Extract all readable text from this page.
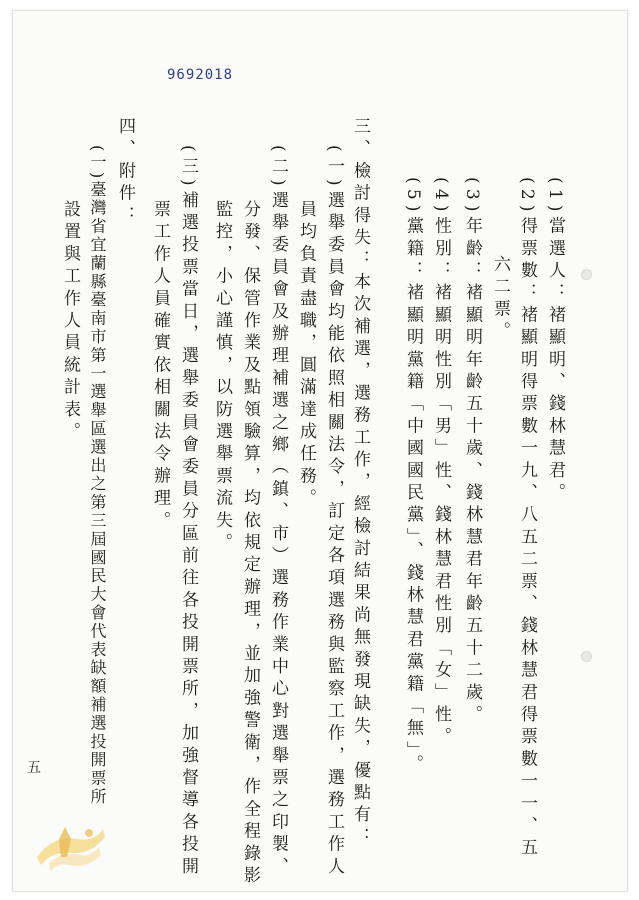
9692018
(1)當選人：褚顯明、錢林慧君。
(2)得票數：褚顯明得票數一九、八五二票、錢林慧君得票數一一、五
六二票。
(3)年齡：褚顯明年齡五十歲、錢林慧君年齡五十二歲。
(4)性別：褚顯明性別「男」性、錢林慧君性別「女」性。
(5)黨籍：褚顯明黨籍「中國國民黨」、錢林慧君黨籍「無」。
三、檢討得失：本次補選，選務工作，經檢討結果尚無發現缺失，優點有：
(一)選舉委員會均能依照相關法令，訂定各項選務與監察工作，選務工作人
員均負責盡職，圓滿達成任務。
(二)選舉委員會及辦理補選之鄉（鎮、市）選務作業中心對選舉票之印製、
分發、保管作業及點領驗算，均依規定辦理，並加強警衛，作全程錄影
監控，小心謹慎，以防選舉票流失。
(三)補選投票當日，選舉委員會委員分區前往各投開票所，加強督導各投開
票工作人員確實依相關法令辦理。
四、附件：
(一)臺灣省宜蘭縣臺南市第一選舉區選出之第三屆國民大會代表缺額補選投開票所
設置與工作人員統計表。
五
